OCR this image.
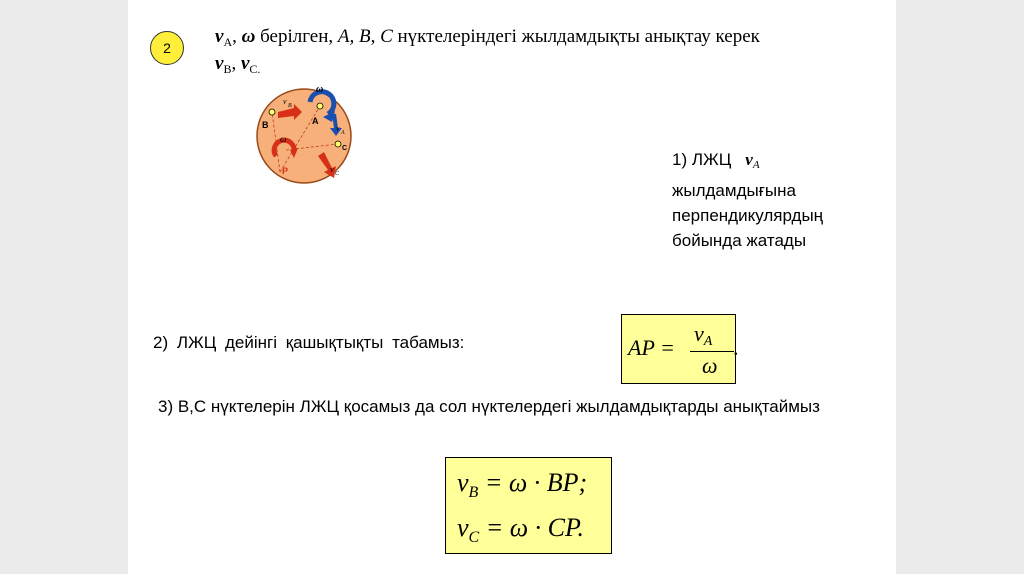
2
$v_A$, ω берілген, A, B, C нүктелеріндегі жылдамдықты анықтау керек
$v_B$, $v_{C.}$
B	A
P
ω
ω
v B
v A
v C
C
1) ЛЖЦ $v_A$
жылдамдығына перпендикулярдың бойында жатады
2) ЛЖЦ дейінгі қашықтықты табамыз:	AP =
$v_A$
ω
.
3) В,С нүктелерін ЛЖЦ қосамыз да сол нүктелердегі жылдамдықтарды анықтаймыз
$v_B = \omega$ · BP;
$v_C = \omega$ · CP.
